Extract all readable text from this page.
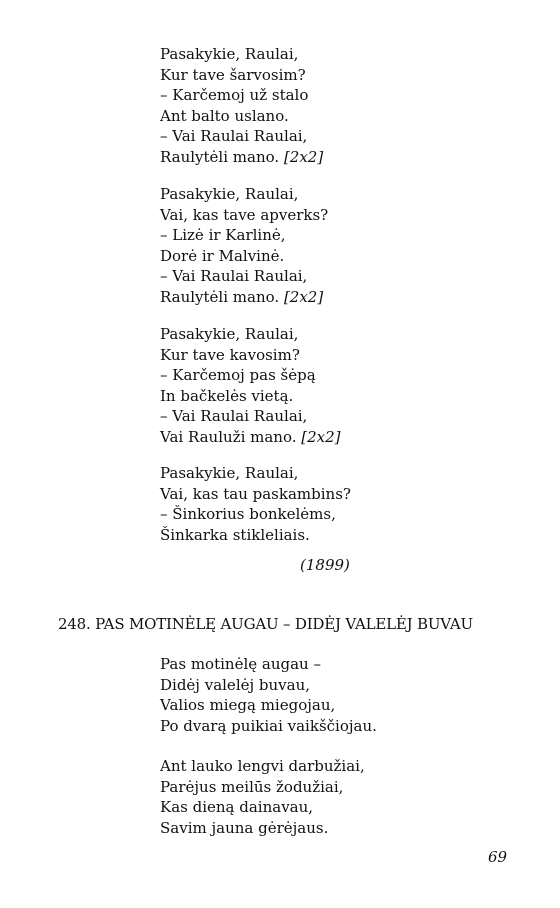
Pasakykie, Raulai,
Kur tave šarvosim?
– Karčemoj už stalo
Ant balto uslano.
– Vai Raulai Raulai,
Raulytėli mano. [2x2]
Pasakykie, Raulai,
Vai, kas tave apverks?
– Lizė ir Karlinė,
Dorė ir Malvinė.
– Vai Raulai Raulai,
Raulytėli mano. [2x2]
Pasakykie, Raulai,
Kur tave kavosim?
– Karčemoj pas šėpą
In bačkelės vietą.
– Vai Raulai Raulai,
Vai Rauluži mano. [2x2]
Pasakykie, Raulai,
Vai, kas tau paskambins?
– Šinkorius bonkelėms,
Šinkarka stikleliais.
(1899)
248. PAS MOTINĖLĘ AUGAU – DIDĖJ VALELĖJ BUVAU
Pas motinėlę augau –
Didėj valelėj buvau,
Valios miegą miegojau,
Po dvarą puikiai vaikščiojau.
Ant lauko lengvi darbužiai,
Parėjus meilūs žodužiai,
Kas dieną dainavau,
Savim jauna gėrėjaus.
69
